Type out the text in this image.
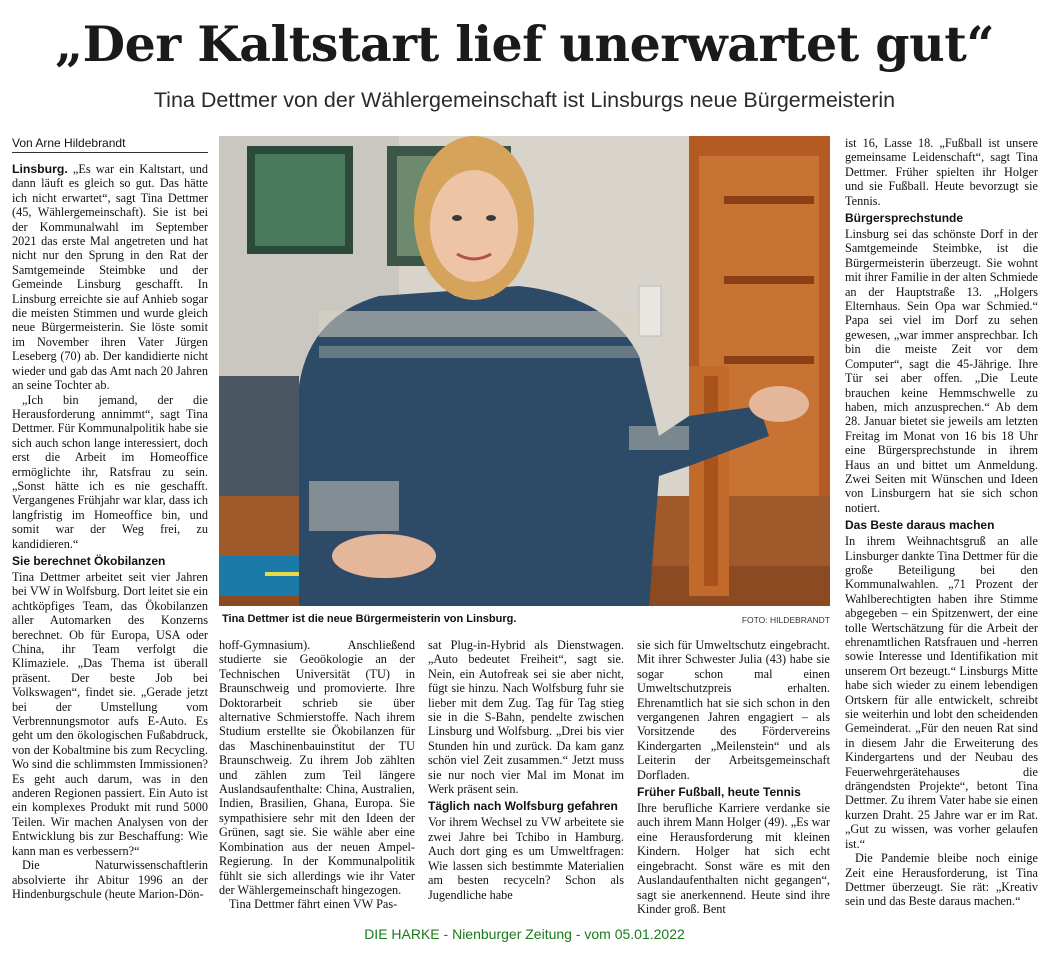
„Der Kaltstart lief unerwartet gut“
Tina Dettmer von der Wählergemeinschaft ist Linsburgs neue Bürgermeisterin
Von Arne Hildebrandt

Linsburg. „Es war ein Kaltstart, und dann läuft es gleich so gut. Das hätte ich nicht erwartet“, sagt Tina Dettmer (45, Wählergemeinschaft). Sie ist bei der Kommunalwahl im September 2021 das erste Mal angetreten und hat nicht nur den Sprung in den Rat der Samtgemeinde Steimbke und der Gemeinde Linsburg geschafft. In Linsburg erreichte sie auf Anhieb sogar die meisten Stimmen und wurde gleich neue Bürgermeisterin. Sie löste somit im November ihren Vater Jürgen Leseberg (70) ab. Der kandidierte nicht wieder und gab das Amt nach 20 Jahren an seine Tochter ab.

„Ich bin jemand, der die Herausforderung annimmt“, sagt Tina Dettmer. Für Kommunalpolitik habe sie sich auch schon lange interessiert, doch erst die Arbeit im Homeoffice ermöglichte ihr, Ratsfrau zu sein. „Sonst hätte ich es nie geschafft. Vergangenes Frühjahr war klar, dass ich langfristig im Homeoffice bin, und somit war der Weg frei, zu kandidieren.“

Sie berechnet Ökobilanzen

Tina Dettmer arbeitet seit vier Jahren bei VW in Wolfsburg. Dort leitet sie ein achtköpfiges Team, das Ökobilanzen aller Automarken des Konzerns berechnet. Ob für Europa, USA oder China, ihr Team verfolgt die Klimaziele. „Das Thema ist überall präsent. Der beste Job bei Volkswagen“, findet sie. „Gerade jetzt bei der Umstellung vom Verbrennungsmotor aufs E-Auto. Es geht um den ökologischen Fußabdruck, von der Kobaltmine bis zum Recycling. Wo sind die schlimmsten Immissionen? Es geht auch darum, was in den anderen Regionen passiert. Ein Auto ist ein komplexes Produkt mit rund 5000 Teilen. Wir machen Analysen von der Entwicklung bis zur Beschaffung: Wie kann man es verbessern?“

Die Naturwissenschaftlerin absolvierte ihr Abitur 1996 an der Hindenburgschule (heute Marion-Dön-

Tina Dettmer ist die neue Bürgermeisterin von Linsburg.	FOTO: HILDEBRANDT

hoff-Gymnasium). Anschließend studierte sie Geoökologie an der Technischen Universität (TU) in Braunschweig und promovierte. Ihre Doktorarbeit schrieb sie über alternative Schmierstoffe. Nach ihrem Studium erstellte sie Ökobilanzen für das Maschinenbauinstitut der TU Braunschweig. Zu ihrem Job zählten und zählen zum Teil längere Auslandsaufenthalte: China, Australien, Indien, Brasilien, Ghana, Europa. Sie sympathisiere sehr mit den Ideen der Grünen, sagt sie. Sie wähle aber eine Kombination aus der neuen Ampel-Regierung. In der Kommunalpolitik fühlt sie sich allerdings wie ihr Vater der Wählergemeinschaft hingezogen.

Tina Dettmer fährt einen VW Pas-

sat Plug-in-Hybrid als Dienstwagen. „Auto bedeutet Freiheit“, sagt sie. Nein, ein Autofreak sei sie aber nicht, fügt sie hinzu. Nach Wolfsburg fuhr sie lieber mit dem Zug. Tag für Tag stieg sie in die S-Bahn, pendelte zwischen Linsburg und Wolfsburg. „Drei bis vier Stunden hin und zurück. Da kam ganz schön viel Zeit zusammen.“ Jetzt muss sie nur noch vier Mal im Monat im Werk präsent sein.

Täglich nach Wolfsburg gefahren

Vor ihrem Wechsel zu VW arbeitete sie zwei Jahre bei Tchibo in Hamburg. Auch dort ging es um Umweltfragen: Wie lassen sich bestimmte Materialien am besten recyceln? Schon als Jugendliche habe

sie sich für Umweltschutz eingebracht. Mit ihrer Schwester Julia (43) habe sie sogar schon mal einen Umweltschutzpreis erhalten. Ehrenamtlich hat sie sich schon in den vergangenen Jahren engagiert – als Vorsitzende des Fördervereins Kindergarten „Meilenstein“ und als Leiterin der Arbeitsgemeinschaft Dorfladen.

Früher Fußball, heute Tennis

Ihre berufliche Karriere verdanke sie auch ihrem Mann Holger (49). „Es war eine Herausforderung mit kleinen Kindern. Holger hat sich echt eingebracht. Sonst wäre es mit den Auslandaufenthalten nicht gegangen“, sagt sie anerkennend. Heute sind ihre Kinder groß. Bent

ist 16, Lasse 18. „Fußball ist unsere gemeinsame Leidenschaft“, sagt Tina Dettmer. Früher spielten ihr Holger und sie Fußball. Heute bevorzugt sie Tennis.

Bürgersprechstunde

Linsburg sei das schönste Dorf in der Samtgemeinde Steimbke, ist die Bürgermeisterin überzeugt. Sie wohnt mit ihrer Familie in der alten Schmiede an der Hauptstraße 13. „Holgers Elternhaus. Sein Opa war Schmied.“ Papa sei viel im Dorf zu sehen gewesen, „war immer ansprechbar. Ich bin die meiste Zeit vor dem Computer“, sagt die 45-Jährige. Ihre Tür sei aber offen. „Die Leute brauchen keine Hemmschwelle zu haben, mich anzusprechen.“ Ab dem 28. Januar bietet sie jeweils am letzten Freitag im Monat von 16 bis 18 Uhr eine Bürgersprechstunde in ihrem Haus an und bittet um Anmeldung. Zwei Seiten mit Wünschen und Ideen von Linsburgern hat sie sich schon notiert.

Das Beste daraus machen

In ihrem Weihnachtsgruß an alle Linsburger dankte Tina Dettmer für die große Beteiligung bei den Kommunalwahlen. „71 Prozent der Wahlberechtigten haben ihre Stimme abgegeben – ein Spitzenwert, der eine tolle Wertschätzung für die Arbeit der ehrenamtlichen Ratsfrauen und -herren sowie Interesse und Identifikation mit unserem Ort bezeugt.“ Linsburgs Mitte habe sich wieder zu einem lebendigen Ortskern für alle entwickelt, schreibt sie weiterhin und lobt den scheidenden Gemeinderat. „Für den neuen Rat sind in diesem Jahr die Erweiterung des Kindergartens und der Neubau des Feuerwehrgerätehauses die drängendsten Projekte“, betont Tina Dettmer. Zu ihrem Vater habe sie einen kurzen Draht. 25 Jahre war er im Rat. „Gut zu wissen, was vorher gelaufen ist.“

Die Pandemie bleibe noch einige Zeit eine Herausforderung, ist Tina Dettmer überzeugt. Sie rät: „Kreativ sein und das Beste daraus machen.“

DIE HARKE - Nienburger Zeitung - vom 05.01.2022
